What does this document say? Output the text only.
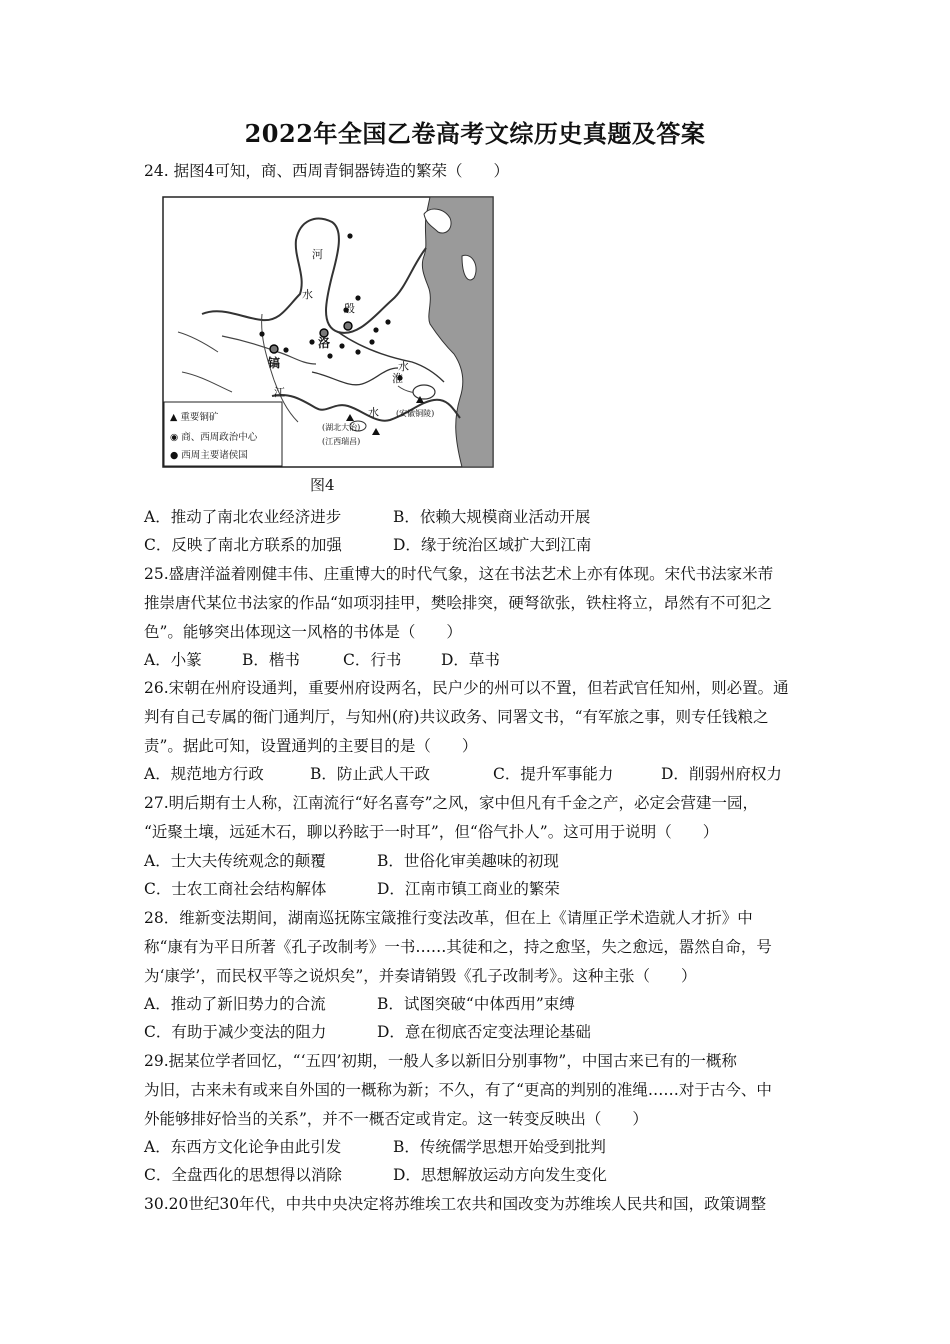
2022年全国乙卷高考文综历史真题及答案
24. 据图4可知，商、西周青铜器铸造的繁荣（　　）
河
水
殷
洛
镐
江
水
淮
水
(安徽铜陵)
(湖北大冶)
(江西瑞昌)
▲ 重要铜矿
◉ 商、西周政治中心
● 西周主要诸侯国
图4
A．推动了南北农业经济进步	B．依赖大规模商业活动开展
C．反映了南北方联系的加强	D．缘于统治区域扩大到江南
25.盛唐洋溢着刚健丰伟、庄重博大的时代气象，这在书法艺术上亦有体现。宋代书法家米芾
推崇唐代某位书法家的作品“如项羽挂甲，樊哙排突，硬弩欲张，铁柱将立，昂然有不可犯之
色”。能够突出体现这一风格的书体是（　　）
A．小篆	B．楷书	C．行书	D．草书
26.宋朝在州府设通判，重要州府设两名，民户少的州可以不置，但若武官任知州，则必置。通
判有自己专属的衙门通判厅，与知州(府)共议政务、同署文书，“有军旅之事，则专任钱粮之
责”。据此可知，设置通判的主要目的是（　　）
A．规范地方行政	B．防止武人干政	C．提升军事能力	D．削弱州府权力
27.明后期有士人称，江南流行“好名喜夸”之风，家中但凡有千金之产，必定会营建一园，
“近聚土壤，远延木石，聊以矜眩于一时耳”，但“俗气扑人”。这可用于说明（　　）
A．士大夫传统观念的颠覆	B．世俗化审美趣味的初现
C．士农工商社会结构解体	D．江南市镇工商业的繁荣
28．维新变法期间，湖南巡抚陈宝箴推行变法改革，但在上《请厘正学术造就人才折》中
称“康有为平日所著《孔子改制考》一书……其徒和之，持之愈坚，失之愈远，嚣然自命，号
为‘康学’，而民权平等之说炽矣”，并奏请销毁《孔子改制考》。这种主张（　　）
A．推动了新旧势力的合流	B．试图突破“中体西用”束缚
C．有助于减少变法的阻力	D．意在彻底否定变法理论基础
29.据某位学者回忆，“‘五四’初期，一般人多以新旧分别事物”，中国古来已有的一概称
为旧，古来未有或来自外国的一概称为新；不久，有了“更高的判别的准绳……对于古今、中
外能够排好恰当的关系”，并不一概否定或肯定。这一转变反映出（　　）
A．东西方文化论争由此引发	B．传统儒学思想开始受到批判
C．全盘西化的思想得以消除	D．思想解放运动方向发生变化
30.20世纪30年代，中共中央决定将苏维埃工农共和国改变为苏维埃人民共和国，政策调整
